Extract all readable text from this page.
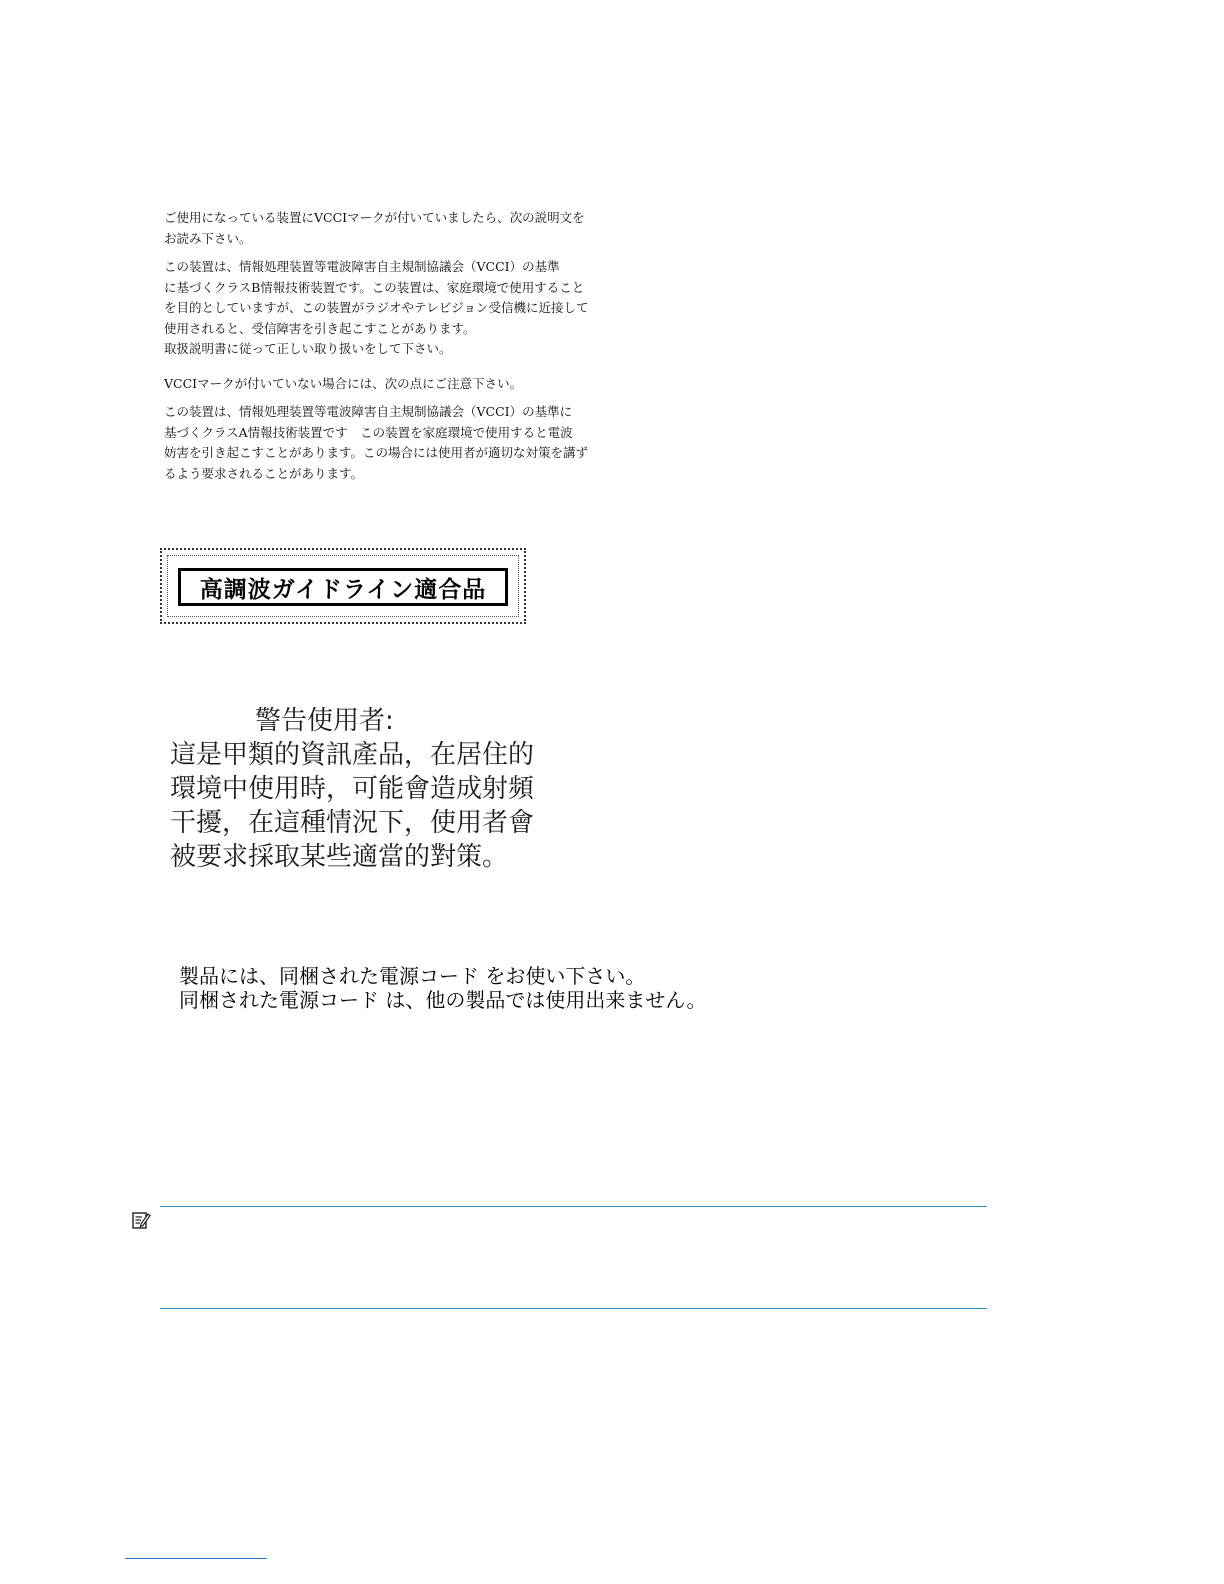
ご使用になっている装置にVCCIマークが付いていましたら、次の説明文を
お読み下さい。

この装置は、情報処理装置等電波障害自主規制協議会（VCCI）の基準
に基づくクラスB情報技術装置です。この装置は、家庭環境で使用すること
を目的としていますが、この装置がラジオやテレビジョン受信機に近接して
使用されると、受信障害を引き起こすことがあります。
取扱説明書に従って正しい取り扱いをして下さい。

VCCIマークが付いていない場合には、次の点にご注意下さい。

この装置は、情報処理装置等電波障害自主規制協議会（VCCI）の基準に
基づくクラスA情報技術装置です　この装置を家庭環境で使用すると電波
妨害を引き起こすことがあります。この場合には使用者が適切な対策を講ず
るよう要求されることがあります。

高調波ガイドライン適合品
警告使用者:
這是甲類的資訊產品，在居住的
環境中使用時，可能會造成射頻
干擾，在這種情況下，使用者會
被要求採取某些適當的對策。
製品には、同梱された電源コード をお使い下さい。
同梱された電源コード は、他の製品では使用出来ません。
